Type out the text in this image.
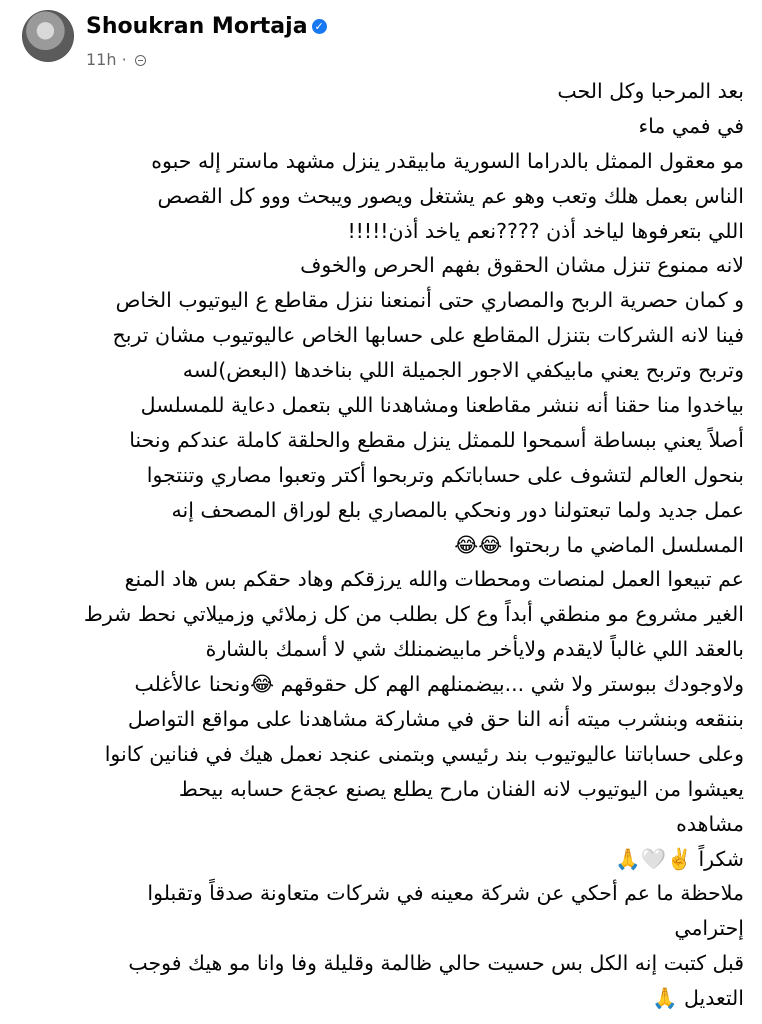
Shoukran Mortaja ✓
11h ·
بعد المرحبا وكل الحب
في فمي ماء
مو معقول الممثل بالدراما السورية مابيقدر ينزل مشهد ماستر إله حبوه
الناس بعمل هلك وتعب وهو عم يشتغل ويصور ويبحث ووو كل القصص
اللي بتعرفوها لياخد أذن ????نعم ياخد أذن!!!!!
لانه ممنوع تنزل مشان الحقوق بفهم الحرص والخوف
و كمان حصرية الربح والمصاري حتى أنمنعنا ننزل مقاطع ع اليوتيوب الخاص
فينا لانه الشركات بتنزل المقاطع على حسابها الخاص عاليوتيوب مشان تربح
وتربح وتربح يعني مابيكفي الاجور الجميلة اللي بناخدها (البعض)لسه
بياخدوا منا حقنا أنه ننشر مقاطعنا ومشاهدنا اللي بتعمل دعاية للمسلسل
أصلاً يعني ببساطة أسمحوا للممثل ينزل مقطع والحلقة كاملة عندكم ونحنا
بنحول العالم لتشوف على حساباتكم وتربحوا أكتر وتعبوا مصاري وتنتجوا
عمل جديد ولما تبعتولنا دور ونحكي بالمصاري بلع لوراق المصحف إنه
المسلسل الماضي ما ربحتوا 😂😂
عم تبيعوا العمل لمنصات ومحطات والله يرزقكم وهاد حقكم بس هاد المنع
الغير مشروع مو منطقي أبداً وع كل بطلب من كل زملائي وزميلاتي نحط شرط
بالعقد اللي غالباً لايقدم ولايأخر مابيضمنلك شي لا أسمك بالشارة
ولاوجودك ببوستر ولا شي ...بيضمنلهم الهم كل حقوقهم 😂ونحنا عالأغلب
بننقعه وبنشرب ميته أنه النا حق في مشاركة مشاهدنا على مواقع التواصل
وعلى حساباتنا عاليوتيوب بند رئيسي وبتمنى عنجد نعمل هيك في فنانين كانوا
يعيشوا من اليوتيوب لانه الفنان مارح يطلع يصنع عجةع حسابه بيحط
مشاهده
شكراً ✌️🤍🙏
ملاحظة ما عم أحكي عن شركة معينه في شركات متعاونة صدقاً وتقبلوا
إحترامي
قبل كتبت إنه الكل بس حسيت حالي ظالمة وقليلة وفا وانا مو هيك فوجب
التعديل 🙏
